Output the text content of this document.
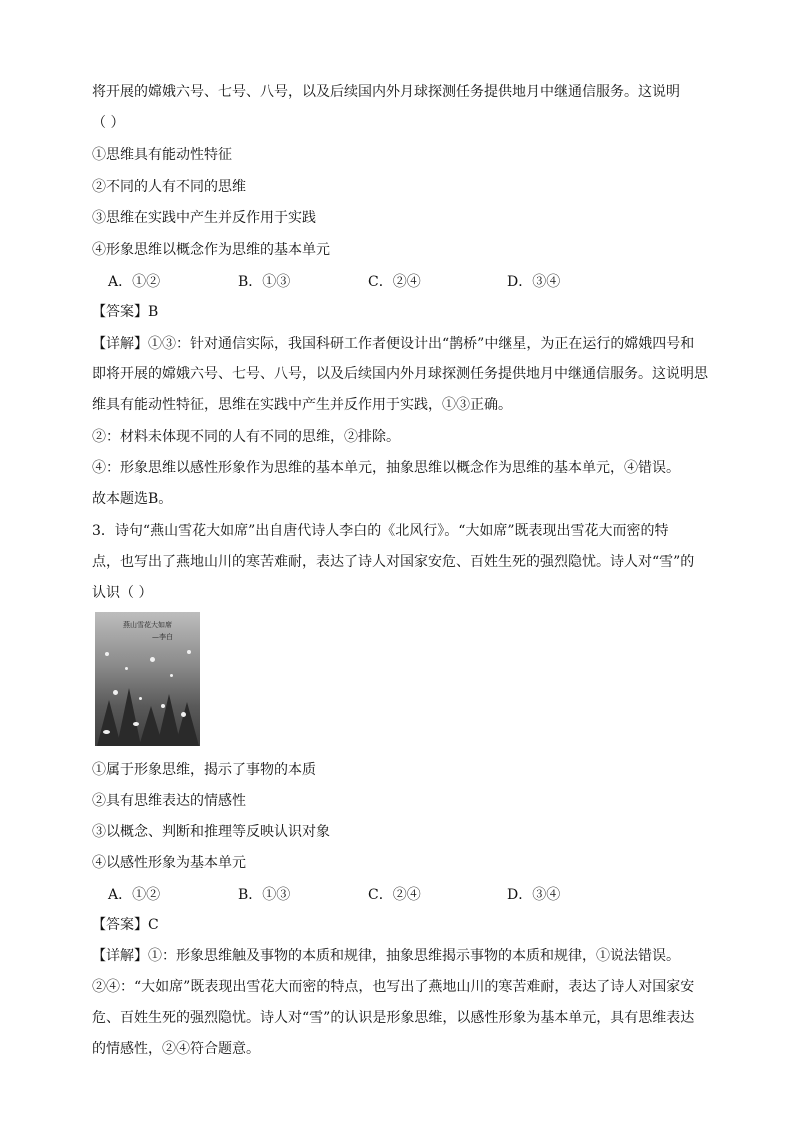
将开展的嫦娥六号、七号、八号，以及后续国内外月球探测任务提供地月中继通信服务。这说明
（ ）
①思维具有能动性特征
②不同的人有不同的思维
③思维在实践中产生并反作用于实践
④形象思维以概念作为思维的基本单元
A．①②	B．①③	C．②④	D．③④
【答案】B
【详解】①③：针对通信实际，我国科研工作者便设计出“鹊桥”中继星，为正在运行的嫦娥四号和
即将开展的嫦娥六号、七号、八号，以及后续国内外月球探测任务提供地月中继通信服务。这说明思
维具有能动性特征，思维在实践中产生并反作用于实践，①③正确。
②：材料未体现不同的人有不同的思维，②排除。
④：形象思维以感性形象作为思维的基本单元，抽象思维以概念作为思维的基本单元，④错误。
故本题选B。
3．诗句“燕山雪花大如席”出自唐代诗人李白的《北风行》。“大如席”既表现出雪花大而密的特
点，也写出了燕地山川的寒苦难耐，表达了诗人对国家安危、百姓生死的强烈隐忧。诗人对“雪”的
认识（ ）
燕山雪花大如席
—李白
①属于形象思维，揭示了事物的本质
②具有思维表达的情感性
③以概念、判断和推理等反映认识对象
④以感性形象为基本单元
A．①②	B．①③	C．②④	D．③④
【答案】C
【详解】①：形象思维触及事物的本质和规律，抽象思维揭示事物的本质和规律，①说法错误。
②④：“大如席”既表现出雪花大而密的特点，也写出了燕地山川的寒苦难耐，表达了诗人对国家安
危、百姓生死的强烈隐忧。诗人对“雪”的认识是形象思维，以感性形象为基本单元，具有思维表达
的情感性，②④符合题意。
